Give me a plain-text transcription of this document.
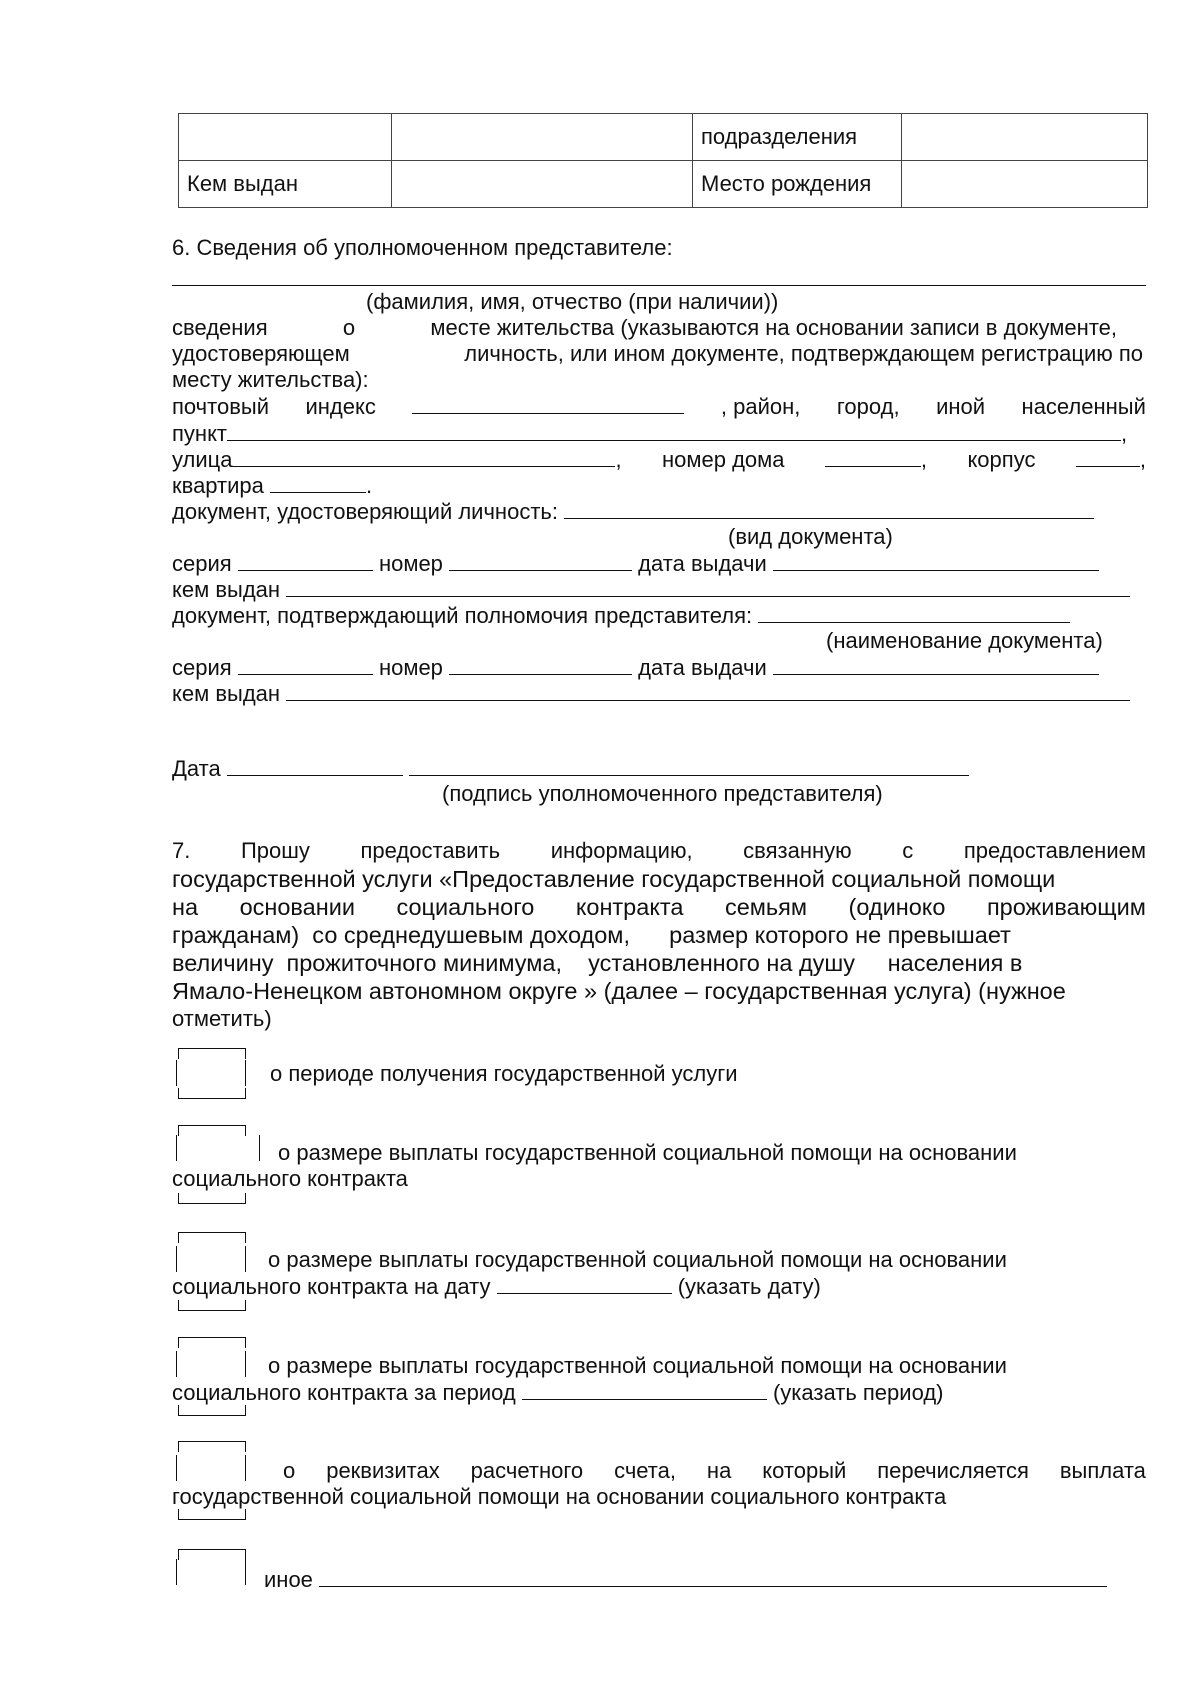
		подразделения	
Кем выдан		Место рождения	
6. Сведения об уполномоченном представителе:
(фамилия, имя, отчество (при наличии))
сведения	о	месте жительства (указываются на основании записи в документе,
удостоверяющем	личность, или ином документе, подтверждающем регистрацию по
месту жительства):
почтовый индекс	, район, город, иной населенный
пункт	,
улица	, номер дома	, корпус	,
квартира	.
документ, удостоверяющий личность:
(вид документа)
серия	номер	дата выдачи
кем выдан
документ, подтверждающий полномочия представителя:
(наименование документа)
серия	номер	дата выдачи
кем выдан
Дата
(подпись уполномоченного представителя)
7. Прошу предоставить информацию, связанную с предоставлением
государственной услуги «Предоставление государственной социальной помощи
на основании социального контракта семьям (одиноко проживающим
гражданам)  со среднедушевым доходом,      размер которого не превышает
величину  прожиточного минимума,    установленного на душу     населения в
Ямало-Ненецком автономном округе » (далее – государственная услуга) (нужное
отметить)
о периоде получения государственной услуги
о размере выплаты государственной социальной помощи на основании
социального контракта
о размере выплаты государственной социальной помощи на основании
социального контракта на дату	(указать дату)
о размере выплаты государственной социальной помощи на основании
социального контракта за период	(указать период)
о реквизитах расчетного счета, на который перечисляется выплата
государственной социальной помощи на основании социального контракта
иное
